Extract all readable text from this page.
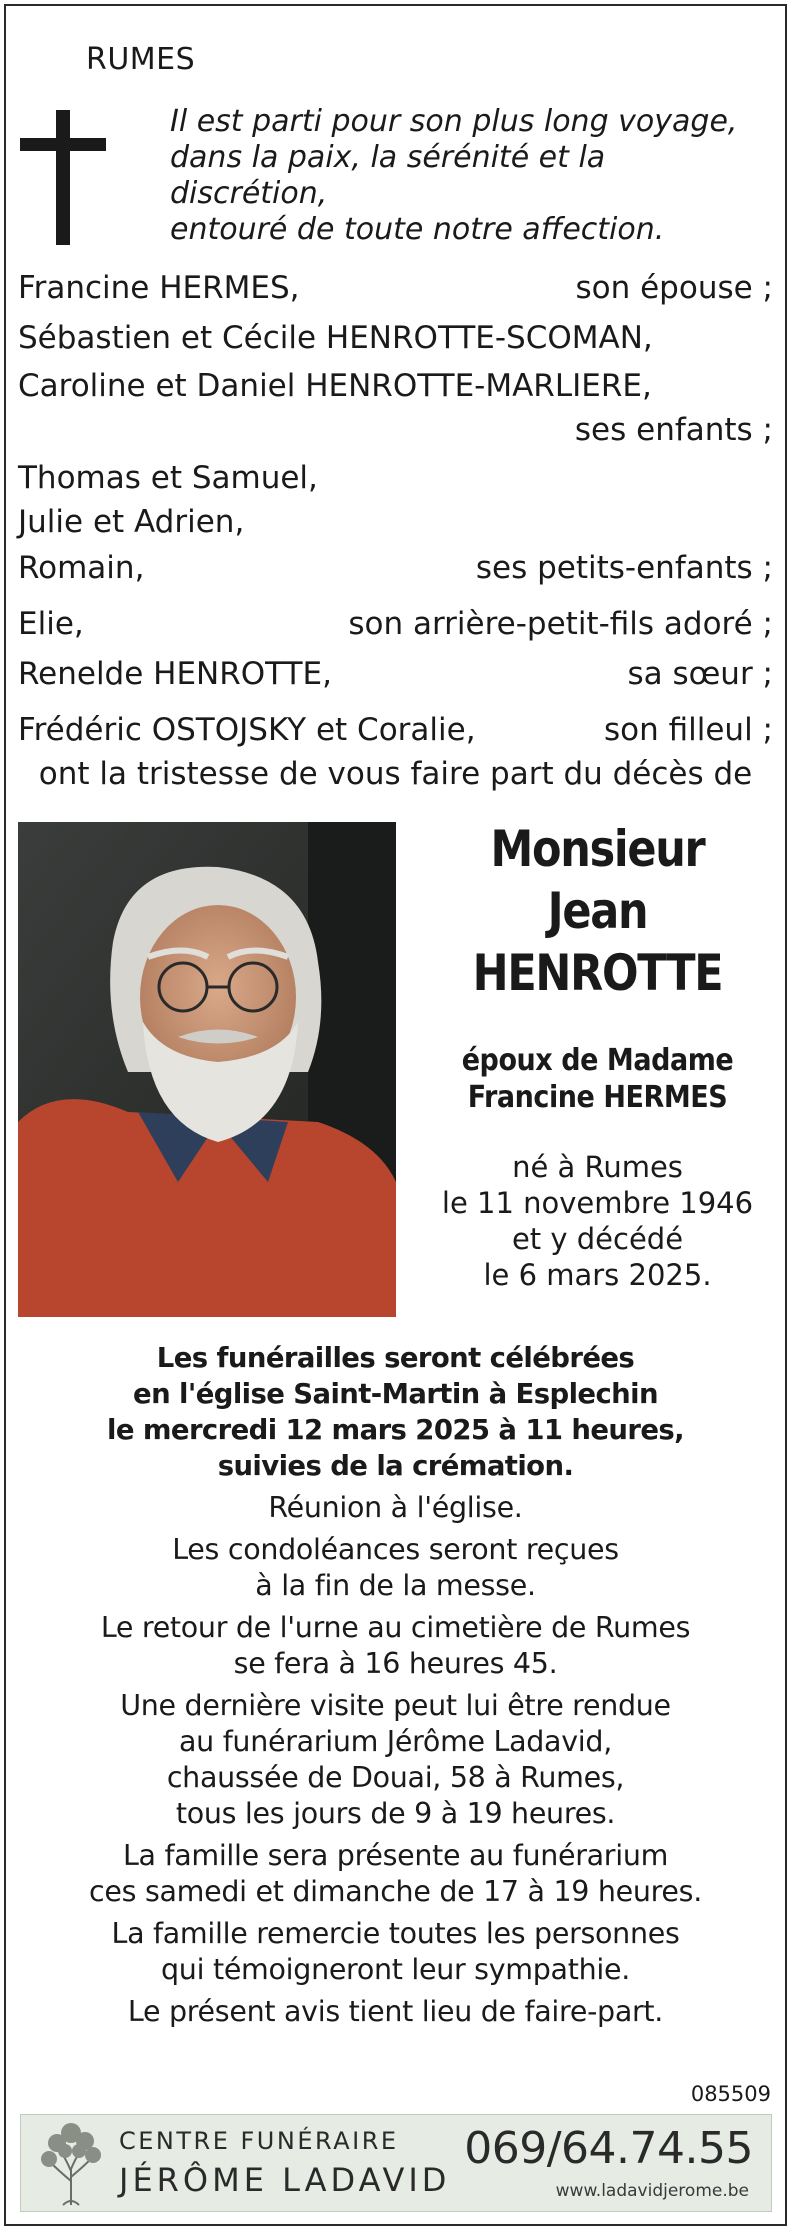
RUMES
Il est parti pour son plus long voyage,
dans la paix, la sérénité et la discrétion,
entouré de toute notre affection.
Francine HERMES,	son épouse ;
Sébastien et Cécile HENROTTE-SCOMAN,
Caroline et Daniel HENROTTE-MARLIERE,
ses enfants ;
Thomas et Samuel,
Julie et Adrien,
Romain,	ses petits-enfants ;
Elie,	son arrière-petit-fils adoré ;
Renelde HENROTTE,	sa sœur ;
Frédéric OSTOJSKY et Coralie,	son filleul ;
ont la tristesse de vous faire part du décès de
Monsieur
Jean
HENROTTE
époux de Madame
Francine HERMES
né à Rumes
le 11 novembre 1946
et y décédé
le 6 mars 2025.
Les funérailles seront célébrées
en l'église Saint-Martin à Esplechin
le mercredi 12 mars 2025 à 11 heures,
suivies de la crémation.
Réunion à l'église.
Les condoléances seront reçues
à la fin de la messe.
Le retour de l'urne au cimetière de Rumes
se fera à 16 heures 45.
Une dernière visite peut lui être rendue
au funérarium Jérôme Ladavid,
chaussée de Douai, 58 à Rumes,
tous les jours de 9 à 19 heures.
La famille sera présente au funérarium
ces samedi et dimanche de 17 à 19 heures.
La famille remercie toutes les personnes
qui témoigneront leur sympathie.
Le présent avis tient lieu de faire-part.
085509
CENTRE FUNÉRAIRE
JÉRÔME LADAVID
069/64.74.55
www.ladavidjerome.be
